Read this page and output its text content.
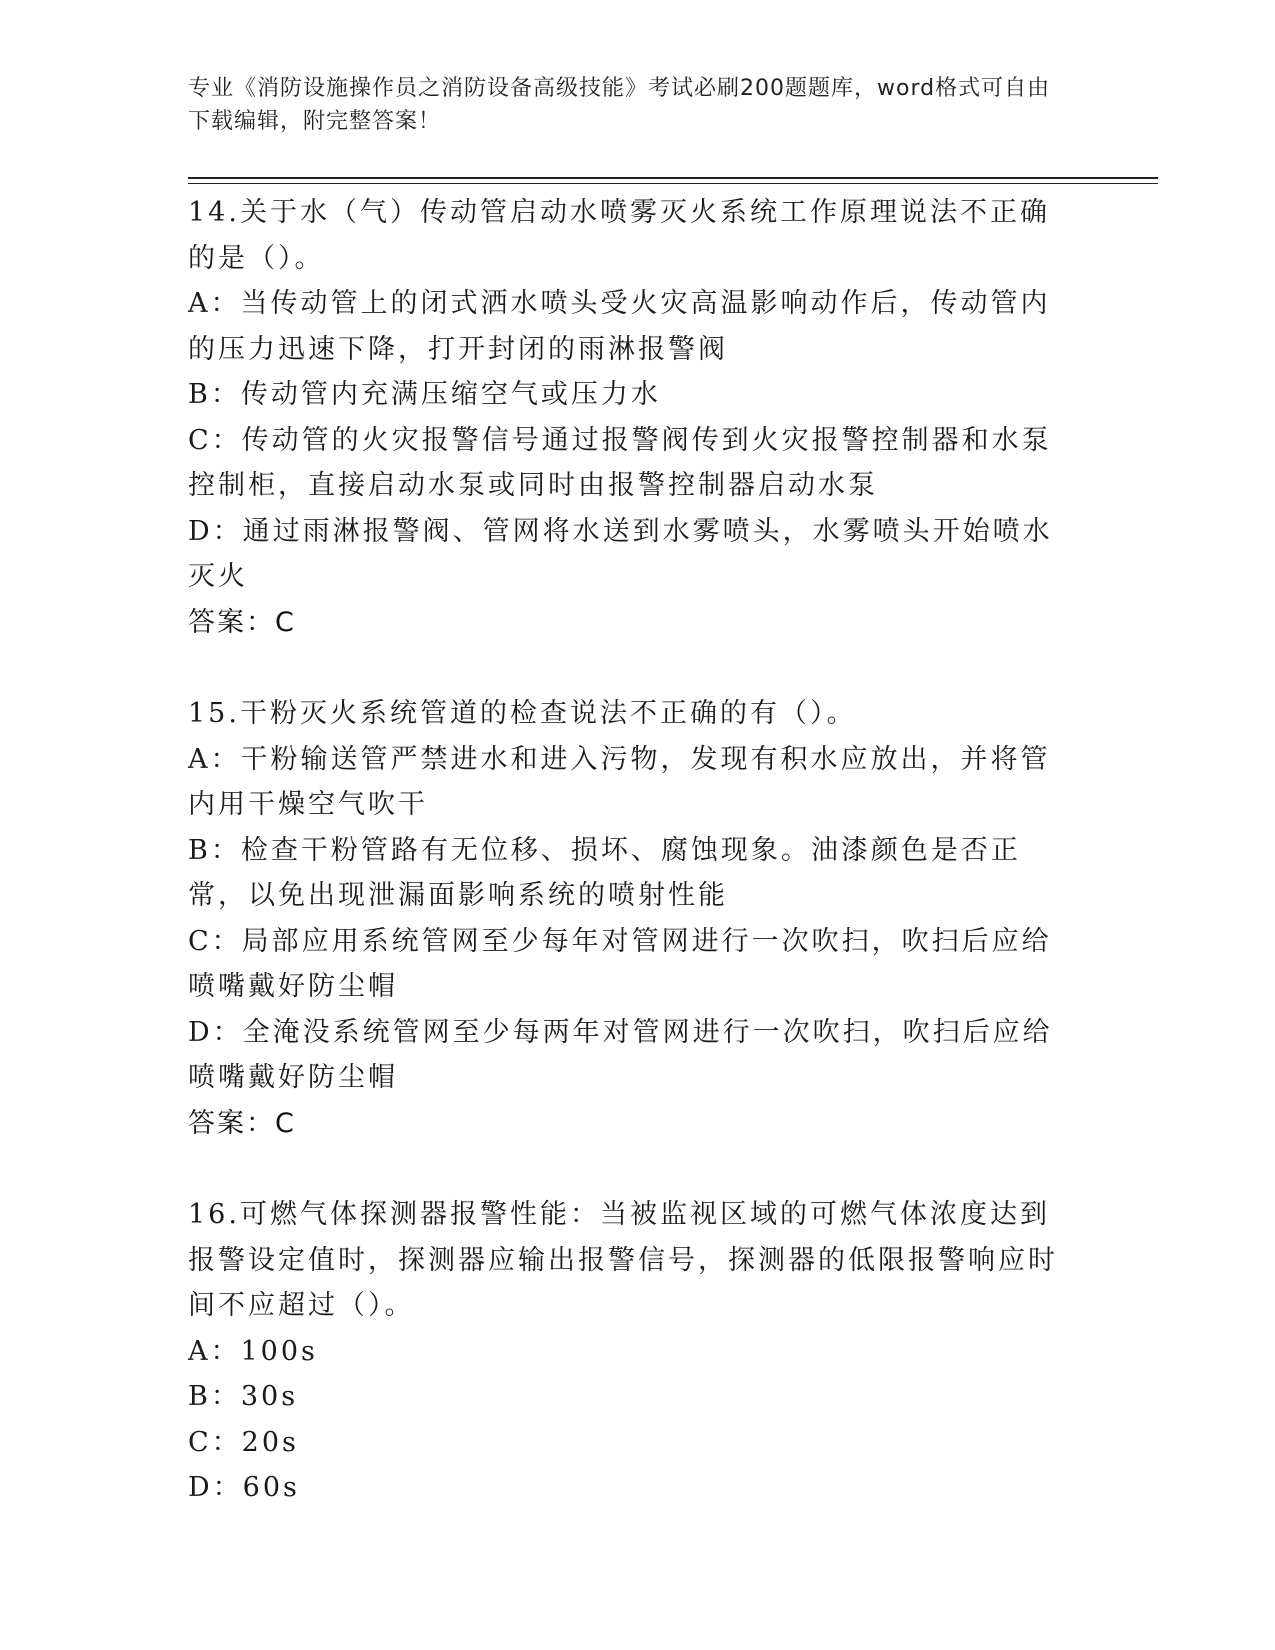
专业《消防设施操作员之消防设备高级技能》考试必刷200题题库，word格式可自由下载编辑，附完整答案！

14.关于水（气）传动管启动水喷雾灭火系统工作原理说法不正确的是（）。

A：当传动管上的闭式洒水喷头受火灾高温影响动作后，传动管内的压力迅速下降，打开封闭的雨淋报警阀

B：传动管内充满压缩空气或压力水

C：传动管的火灾报警信号通过报警阀传到火灾报警控制器和水泵控制柜，直接启动水泵或同时由报警控制器启动水泵

D：通过雨淋报警阀、管网将水送到水雾喷头，水雾喷头开始喷水灭火

答案：C

15.干粉灭火系统管道的检查说法不正确的有（）。

A：干粉输送管严禁进水和进入污物，发现有积水应放出，并将管内用干燥空气吹干

B：检查干粉管路有无位移、损坏、腐蚀现象。油漆颜色是否正常，以免出现泄漏面影响系统的喷射性能

C：局部应用系统管网至少每年对管网进行一次吹扫，吹扫后应给喷嘴戴好防尘帽

D：全淹没系统管网至少每两年对管网进行一次吹扫，吹扫后应给喷嘴戴好防尘帽

答案：C

16.可燃气体探测器报警性能：当被监视区域的可燃气体浓度达到报警设定值时，探测器应输出报警信号，探测器的低限报警响应时间不应超过（）。

A：100s

B：30s

C：20s

D：60s
